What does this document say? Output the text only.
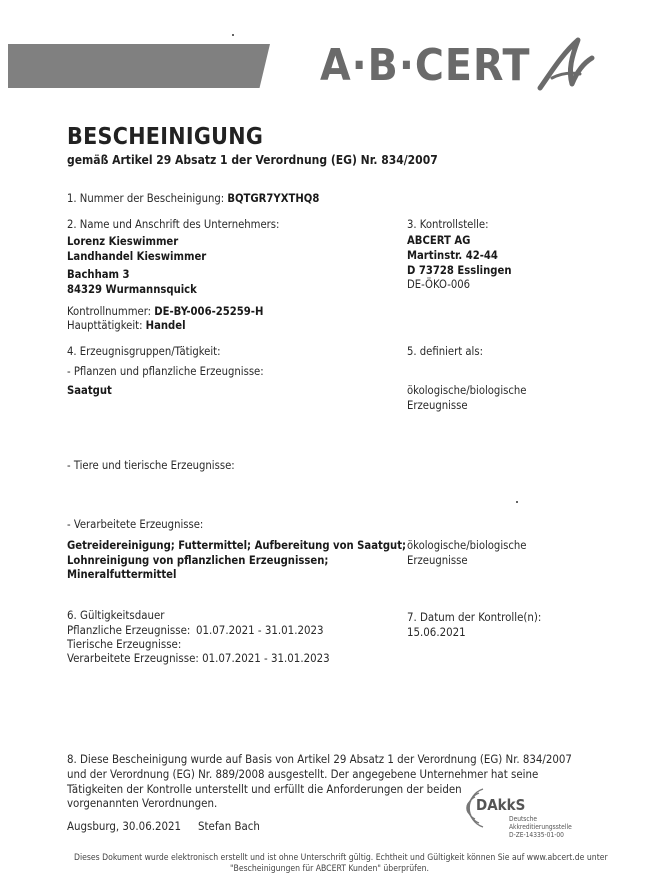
A·B·CERT
BESCHEINIGUNG
gemäß Artikel 29 Absatz 1 der Verordnung (EG) Nr. 834/2007
1. Nummer der Bescheinigung: BQTGR7YXTHQ8
2. Name und Anschrift des Unternehmers:
Lorenz Kieswimmer
Landhandel Kieswimmer
Bachham 3
84329 Wurmannsquick
Kontrollnummer: DE-BY-006-25259-H
Haupttätigkeit: Handel
3. Kontrollstelle:
ABCERT AG
Martinstr. 42-44
D 73728 Esslingen
DE-ÖKO-006
4. Erzeugnisgruppen/Tätigkeit:	5. definiert als:
- Pflanzen und pflanzliche Erzeugnisse:
Saatgut	ökologische/biologische
Erzeugnisse
- Tiere und tierische Erzeugnisse:
- Verarbeitete Erzeugnisse:
Getreidereinigung; Futtermittel; Aufbereitung von Saatgut;
Lohnreinigung von pflanzlichen Erzeugnissen;
Mineralfuttermittel
ökologische/biologische
Erzeugnisse
6. Gültigkeitsdauer
Pflanzliche Erzeugnisse: 01.07.2021 - 31.01.2023
Tierische Erzeugnisse:
Verarbeitete Erzeugnisse: 01.07.2021 - 31.01.2023
7. Datum der Kontrolle(n):
15.06.2021
8. Diese Bescheinigung wurde auf Basis von Artikel 29 Absatz 1 der Verordnung (EG) Nr. 834/2007
und der Verordnung (EG) Nr. 889/2008 ausgestellt. Der angegebene Unternehmer hat seine
Tätigkeiten der Kontrolle unterstellt und erfüllt die Anforderungen der beiden
vorgenannten Verordnungen.
Augsburg, 30.06.2021 Stefan Bach
DAkkS
Deutsche
Akkreditierungsstelle
D-ZE-14335-01-00
Dieses Dokument wurde elektronisch erstellt und ist ohne Unterschrift gültig. Echtheit und Gültigkeit können Sie auf www.abcert.de unter
"Bescheinigungen für ABCERT Kunden" überprüfen.
